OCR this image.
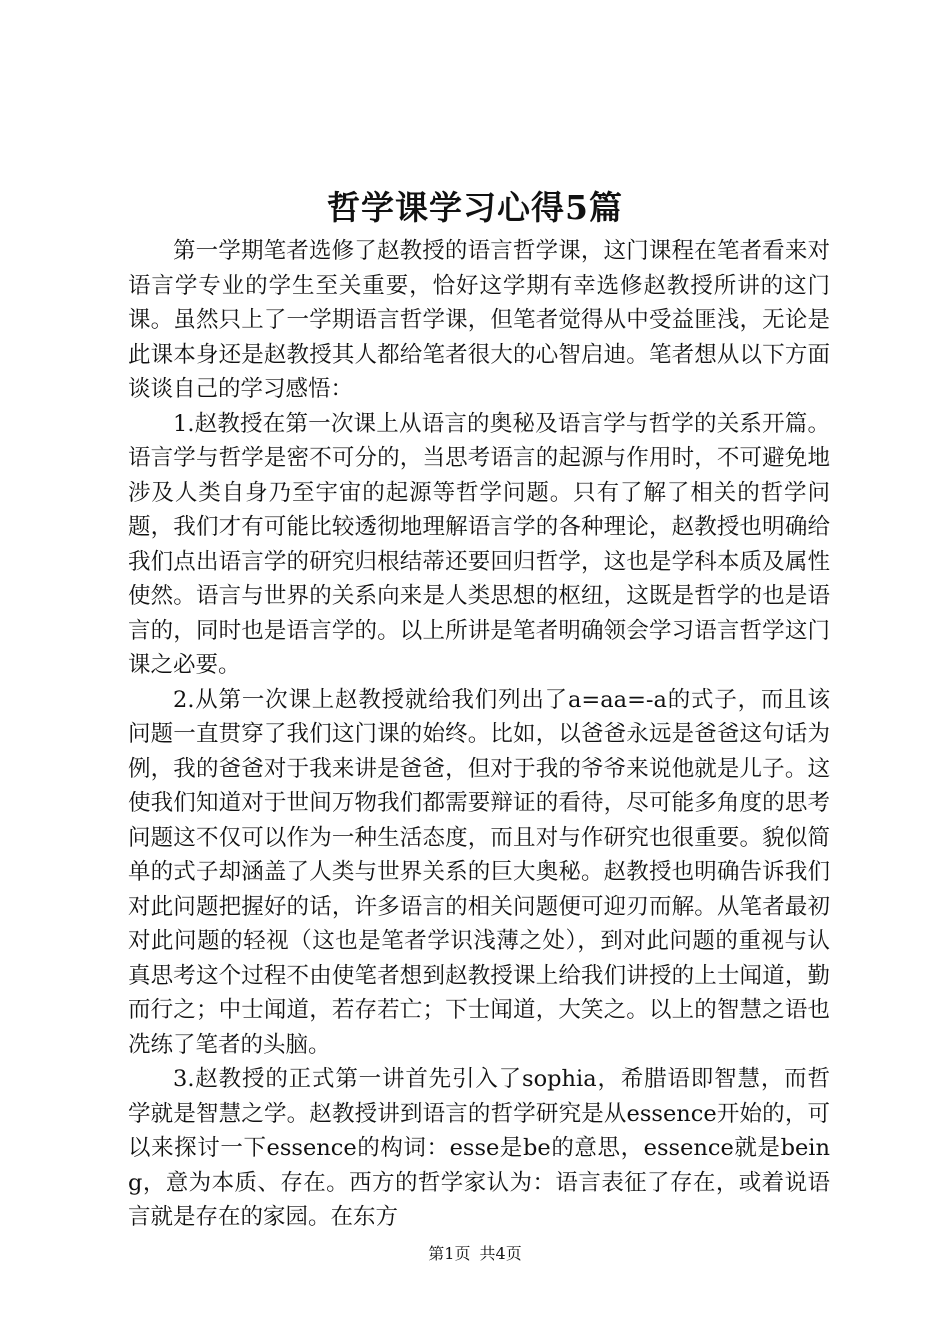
哲学课学习心得5篇

第一学期笔者选修了赵教授的语言哲学课，这门课程在笔者看来对语言学专业的学生至关重要，恰好这学期有幸选修赵教授所讲的这门课。虽然只上了一学期语言哲学课，但笔者觉得从中受益匪浅，无论是此课本身还是赵教授其人都给笔者很大的心智启迪。笔者想从以下方面谈谈自己的学习感悟：

1.赵教授在第一次课上从语言的奥秘及语言学与哲学的关系开篇。语言学与哲学是密不可分的，当思考语言的起源与作用时，不可避免地涉及人类自身乃至宇宙的起源等哲学问题。只有了解了相关的哲学问题，我们才有可能比较透彻地理解语言学的各种理论，赵教授也明确给我们点出语言学的研究归根结蒂还要回归哲学，这也是学科本质及属性使然。语言与世界的关系向来是人类思想的枢纽，这既是哲学的也是语言的，同时也是语言学的。以上所讲是笔者明确领会学习语言哲学这门课之必要。

2.从第一次课上赵教授就给我们列出了a=aa=-a的式子，而且该问题一直贯穿了我们这门课的始终。比如，以爸爸永远是爸爸这句话为例，我的爸爸对于我来讲是爸爸，但对于我的爷爷来说他就是儿子。这使我们知道对于世间万物我们都需要辩证的看待，尽可能多角度的思考问题这不仅可以作为一种生活态度，而且对与作研究也很重要。貌似简单的式子却涵盖了人类与世界关系的巨大奥秘。赵教授也明确告诉我们对此问题把握好的话，许多语言的相关问题便可迎刃而解。从笔者最初对此问题的轻视（这也是笔者学识浅薄之处），到对此问题的重视与认真思考这个过程不由使笔者想到赵教授课上给我们讲授的上士闻道，勤而行之；中士闻道，若存若亡；下士闻道，大笑之。以上的智慧之语也冼练了笔者的头脑。

3.赵教授的正式第一讲首先引入了sophia，希腊语即智慧，而哲学就是智慧之学。赵教授讲到语言的哲学研究是从essence开始的，可以来探讨一下essence的构词：esse是be的意思，essence就是being，意为本质、存在。西方的哲学家认为：语言表征了存在，或着说语言就是存在的家园。在东方

第1页 共4页
